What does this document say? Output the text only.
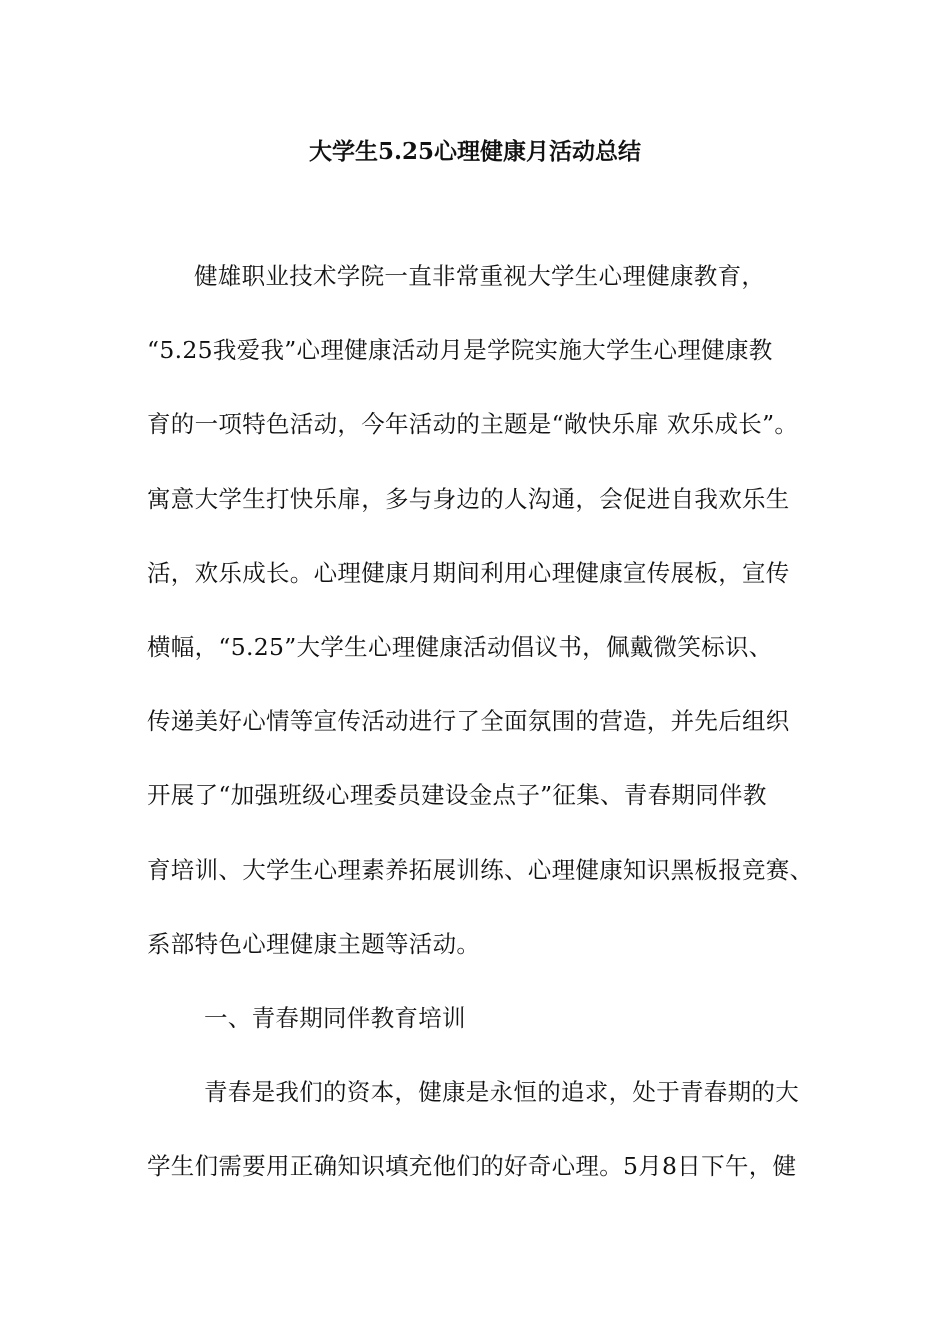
大学生5.25心理健康月活动总结
健雄职业技术学院一直非常重视大学生心理健康教育，
“5.25我爱我”心理健康活动月是学院实施大学生心理健康教
育的一项特色活动，今年活动的主题是“敞快乐扉 欢乐成长”。
寓意大学生打快乐扉，多与身边的人沟通，会促进自我欢乐生
活，欢乐成长。心理健康月期间利用心理健康宣传展板，宣传
横幅，“5.25”大学生心理健康活动倡议书，佩戴微笑标识、
传递美好心情等宣传活动进行了全面氛围的营造，并先后组织
开展了“加强班级心理委员建设金点子”征集、青春期同伴教
育培训、大学生心理素养拓展训练、心理健康知识黑板报竞赛、
系部特色心理健康主题等活动。
一、青春期同伴教育培训
青春是我们的资本，健康是永恒的追求，处于青春期的大
学生们需要用正确知识填充他们的好奇心理。5月8日下午，健
